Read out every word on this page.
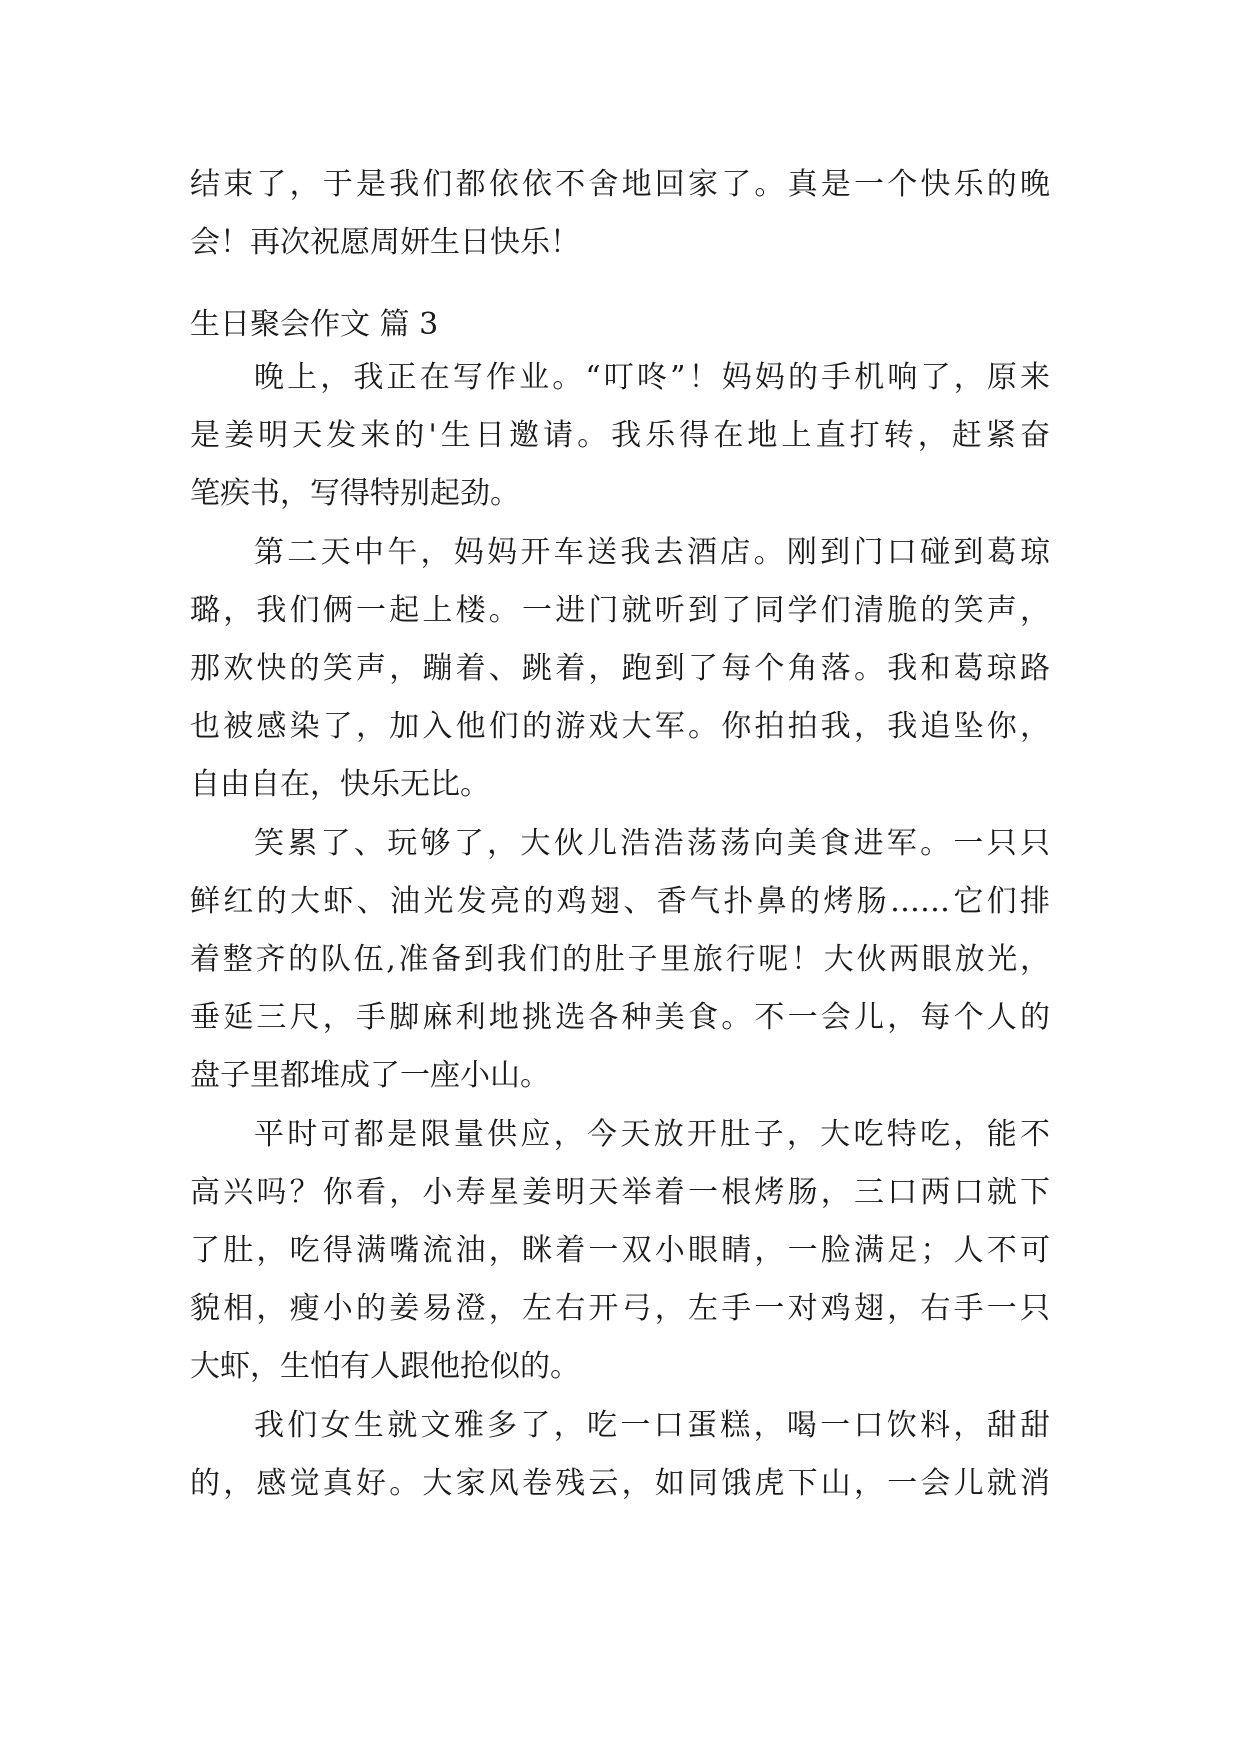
结束了，于是我们都依依不舍地回家了。真是一个快乐的晚

会！再次祝愿周妍生日快乐！

生日聚会作文 篇 3

晚上，我正在写作业。“叮咚”！妈妈的手机响了，原来

是姜明天发来的'生日邀请。我乐得在地上直打转，赶紧奋

笔疾书，写得特别起劲。

第二天中午，妈妈开车送我去酒店。刚到门口碰到葛琼

璐，我们俩一起上楼。一进门就听到了同学们清脆的笑声，

那欢快的笑声，蹦着、跳着，跑到了每个角落。我和葛琼路

也被感染了，加入他们的游戏大军。你拍拍我，我追坠你，

自由自在，快乐无比。

笑累了、玩够了，大伙儿浩浩荡荡向美食进军。一只只

鲜红的大虾、油光发亮的鸡翅、香气扑鼻的烤肠……它们排

着整齐的队伍,准备到我们的肚子里旅行呢！大伙两眼放光，

垂延三尺，手脚麻利地挑选各种美食。不一会儿，每个人的

盘子里都堆成了一座小山。

平时可都是限量供应，今天放开肚子，大吃特吃，能不

高兴吗？你看，小寿星姜明天举着一根烤肠，三口两口就下

了肚，吃得满嘴流油，眯着一双小眼睛，一脸满足；人不可

貌相，瘦小的姜易澄，左右开弓，左手一对鸡翅，右手一只

大虾，生怕有人跟他抢似的。

我们女生就文雅多了，吃一口蛋糕，喝一口饮料，甜甜

的，感觉真好。大家风卷残云，如同饿虎下山，一会儿就消
